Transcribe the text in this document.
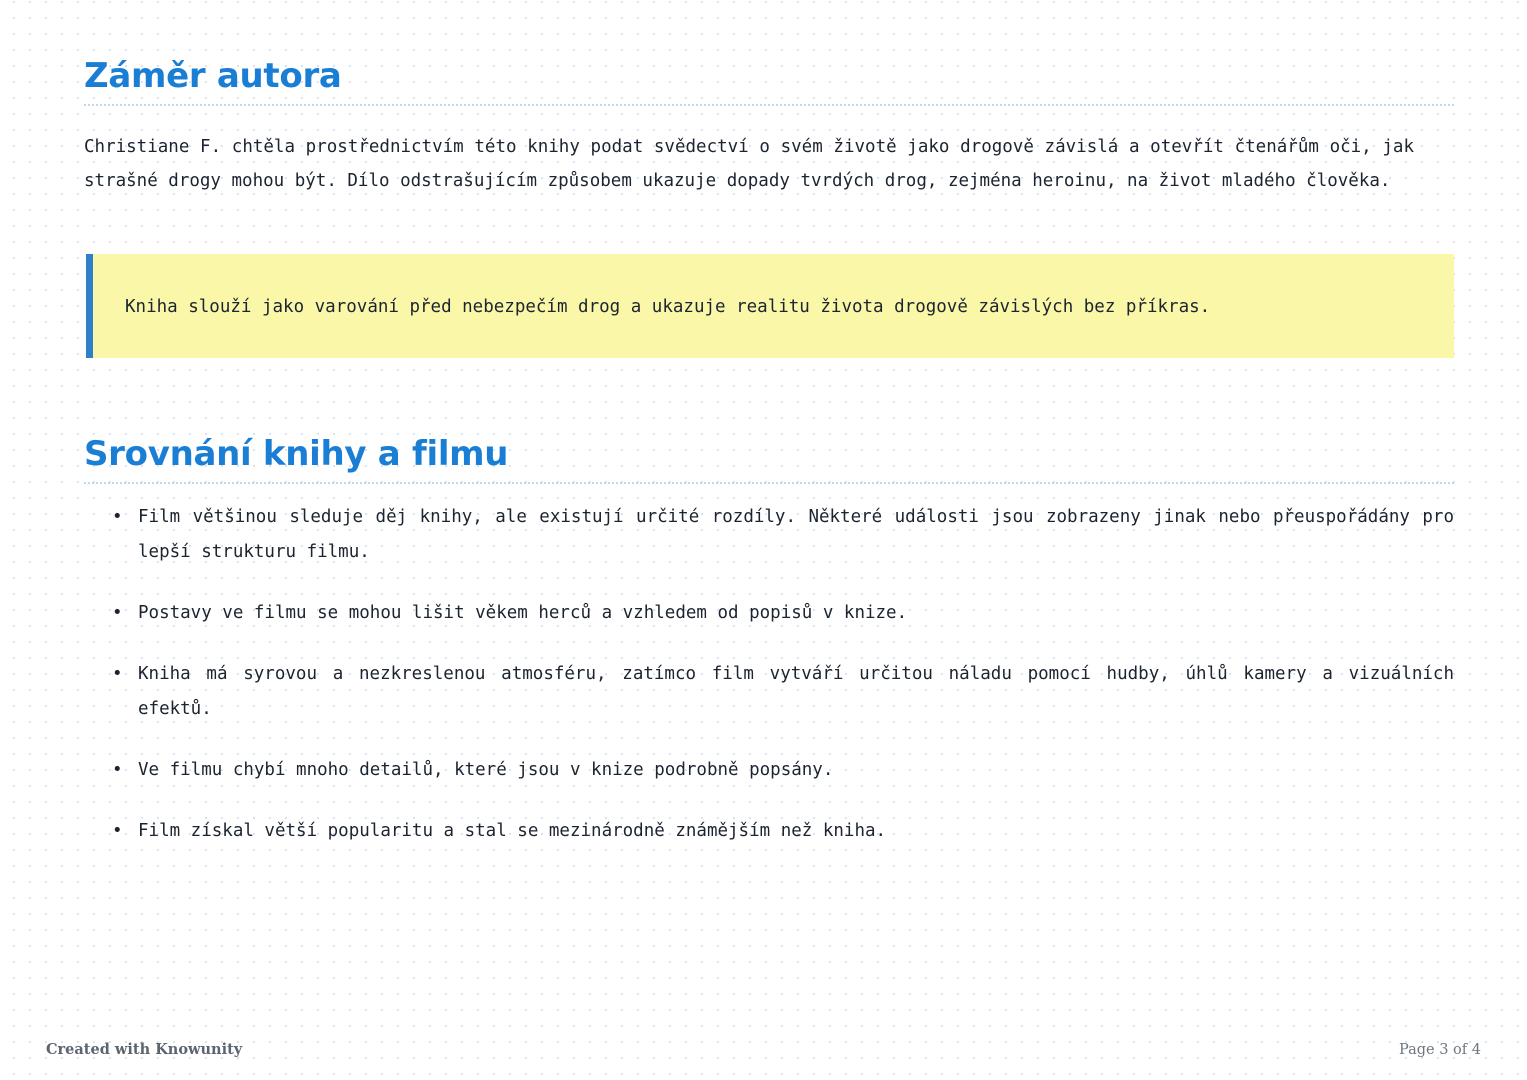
Záměr autora

Christiane F. chtěla prostřednictvím této knihy podat svědectví o svém životě jako drogově závislá a otevřít čtenářům oči, jak strašné drogy mohou být. Dílo odstrašujícím způsobem ukazuje dopady tvrdých drog, zejména heroinu, na život mladého člověka.

Kniha slouží jako varování před nebezpečím drog a ukazuje realitu života drogově závislých bez příkras.
Srovnání knihy a filmu
• Film většinou sleduje děj knihy, ale existují určité rozdíly. Některé události jsou zobrazeny jinak nebo přeuspořádány pro lepší strukturu filmu.
• Postavy ve filmu se mohou lišit věkem herců a vzhledem od popisů v knize.
• Kniha má syrovou a nezkreslenou atmosféru, zatímco film vytváří určitou náladu pomocí hudby, úhlů kamery a vizuálních efektů.
• Ve filmu chybí mnoho detailů, které jsou v knize podrobně popsány.
• Film získal větší popularitu a stal se mezinárodně známějším než kniha.
Created with Knowunity	Page 3 of 4
